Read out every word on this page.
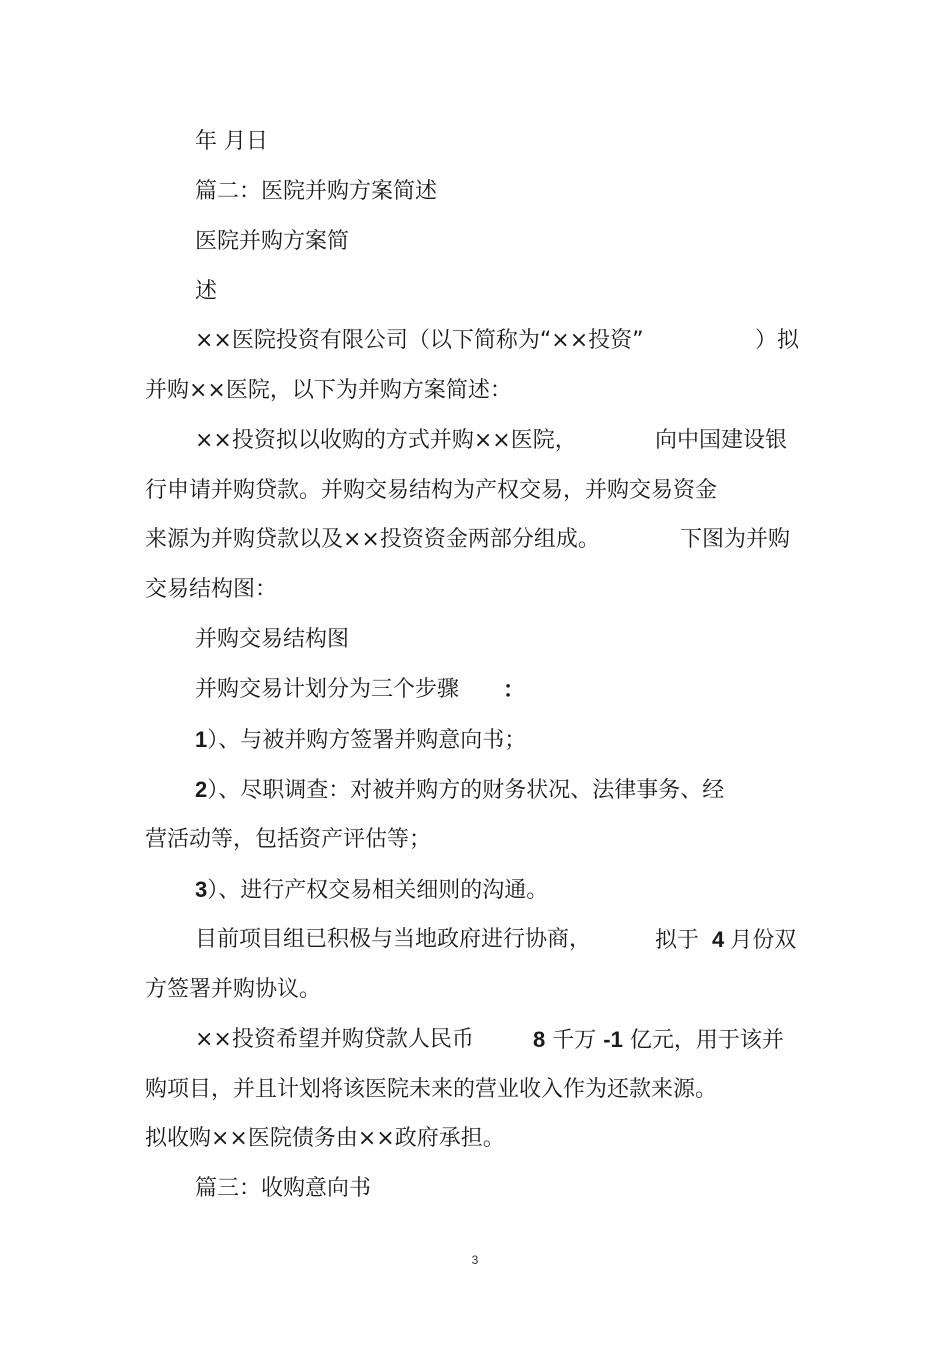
年 月日
篇二：医院并购方案简述
医院并购方案简
述
××医院投资有限公司（以下简称为“××投资”	）拟
并购××医院，以下为并购方案简述：
××投资拟以收购的方式并购××医院，	向中国建设银
行申请并购贷款。并购交易结构为产权交易，并购交易资金
来源为并购贷款以及××投资资金两部分组成。	下图为并购
交易结构图：
并购交易结构图
并购交易计划分为三个步骤 ：
1）、与被并购方签署并购意向书；
2）、尽职调查：对被并购方的财务状况、法律事务、经
营活动等，包括资产评估等；
3）、进行产权交易相关细则的沟通。
目前项目组已积极与当地政府进行协商，	拟于 4 月份双
方签署并购协议。
××投资希望并购贷款人民币	8 千万 -1 亿元，用于该并
购项目，并且计划将该医院未来的营业收入作为还款来源。
拟收购××医院债务由××政府承担。
篇三：收购意向书
3
